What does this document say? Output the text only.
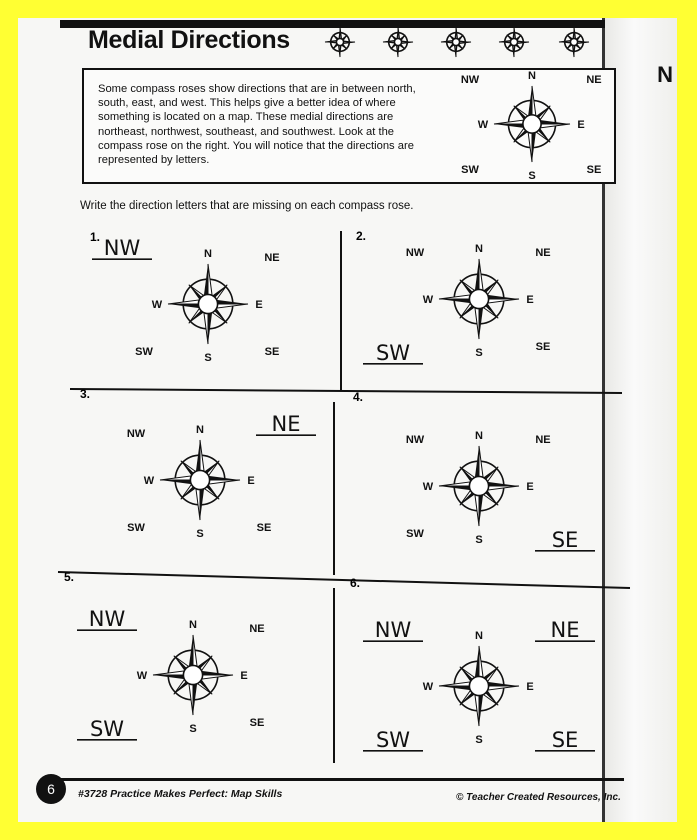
N
Medial Directions

Some compass roses show directions that are in between north, south, east, and west. This helps give a better idea of where something is located on a map. These medial directions are northeast, northwest, southeast, and southwest. Look at the compass rose on the right. You will notice that the directions are represented by letters.

N	NE
E
SE
S
SW
W
NW
Write the direction letters that are missing on each compass rose.
1.
N	NE
E
SE
S
SW
W
NW
2.
N	NE
E
SE
S
W
NW
SW
3.
N
E
SE
S
SW
W
NW	NE
4.
N	NE
E
S
SW
W
NW
SE
5.
N	NE
E
SE
S
W
NW
SW
6.
N
E
S
W
NW	NE
SW	SE
6	#3728 Practice Makes Perfect: Map Skills	© Teacher Created Resources, Inc.
